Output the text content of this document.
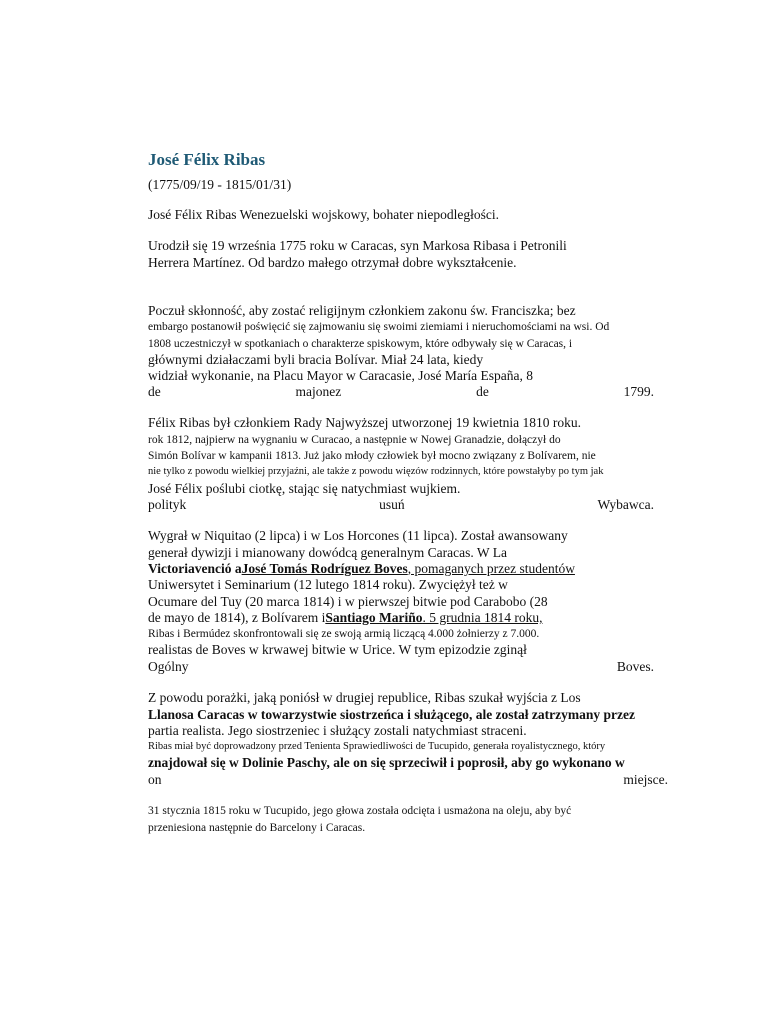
José Félix Ribas
(1775/09/19 - 1815/01/31)
José Félix Ribas Wenezuelski wojskowy, bohater niepodległości.
Urodził się 19 września 1775 roku w Caracas, syn Markosa Ribasa i Petronili
Herrera Martínez. Od bardzo małego otrzymał dobre wykształcenie.
Poczuł skłonność, aby zostać religijnym członkiem zakonu św. Franciszka; bez
embargo postanowił poświęcić się zajmowaniu się swoimi ziemiami i nieruchomościami na wsi. Od
1808 uczestniczył w spotkaniach o charakterze spiskowym, które odbywały się w Caracas, i
głównymi działaczami byli bracia Bolívar. Miał 24 lata, kiedy
widział wykonanie, na Placu Mayor w Caracasie, José María España, 8
de	majonez	de	1799.
Félix Ribas był członkiem Rady Najwyższej utworzonej 19 kwietnia 1810 roku.
rok 1812, najpierw na wygnaniu w Curacao, a następnie w Nowej Granadzie, dołączył do
Simón Bolívar w kampanii 1813. Już jako młody człowiek był mocno związany z Bolívarem, nie
nie tylko z powodu wielkiej przyjaźni, ale także z powodu więzów rodzinnych, które powstałyby po tym jak
José Félix poślubi ciotkę, stając się natychmiast wujkiem.
polityk	usuń	Wybawca.
Wygrał w Niquitao (2 lipca) i w Los Horcones (11 lipca). Został awansowany
generał dywizji i mianowany dowódcą generalnym Caracas. W La
Victoriavenció aJosé Tomás Rodríguez Boves, pomaganych przez studentów
Uniwersytet i Seminarium (12 lutego 1814 roku). Zwyciężył też w
Ocumare del Tuy (20 marca 1814) i w pierwszej bitwie pod Carabobo (28
de mayo de 1814), z Bolívarem iSantiago Mariño. 5 grudnia 1814 roku,
Ribas i Bermúdez skonfrontowali się ze swoją armią liczącą 4.000 żołnierzy z 7.000.
realistas de Boves w krwawej bitwie w Urice. W tym epizodzie zginął
Ogólny	Boves.
Z powodu porażki, jaką poniósł w drugiej republice, Ribas szukał wyjścia z Los
Llanosa Caracas w towarzystwie siostrzeńca i służącego, ale został zatrzymany przez
partia realista. Jego siostrzeniec i służący zostali natychmiast straceni.
Ribas miał być doprowadzony przed Tenienta Sprawiedliwości de Tucupido, generała royalistycznego, który
znajdował się w Dolinie Paschy, ale on się sprzeciwił i poprosił, aby go wykonano w
on	miejsce.
31 stycznia 1815 roku w Tucupido, jego głowa została odcięta i usmażona na oleju, aby być
przeniesiona następnie do Barcelony i Caracas.
